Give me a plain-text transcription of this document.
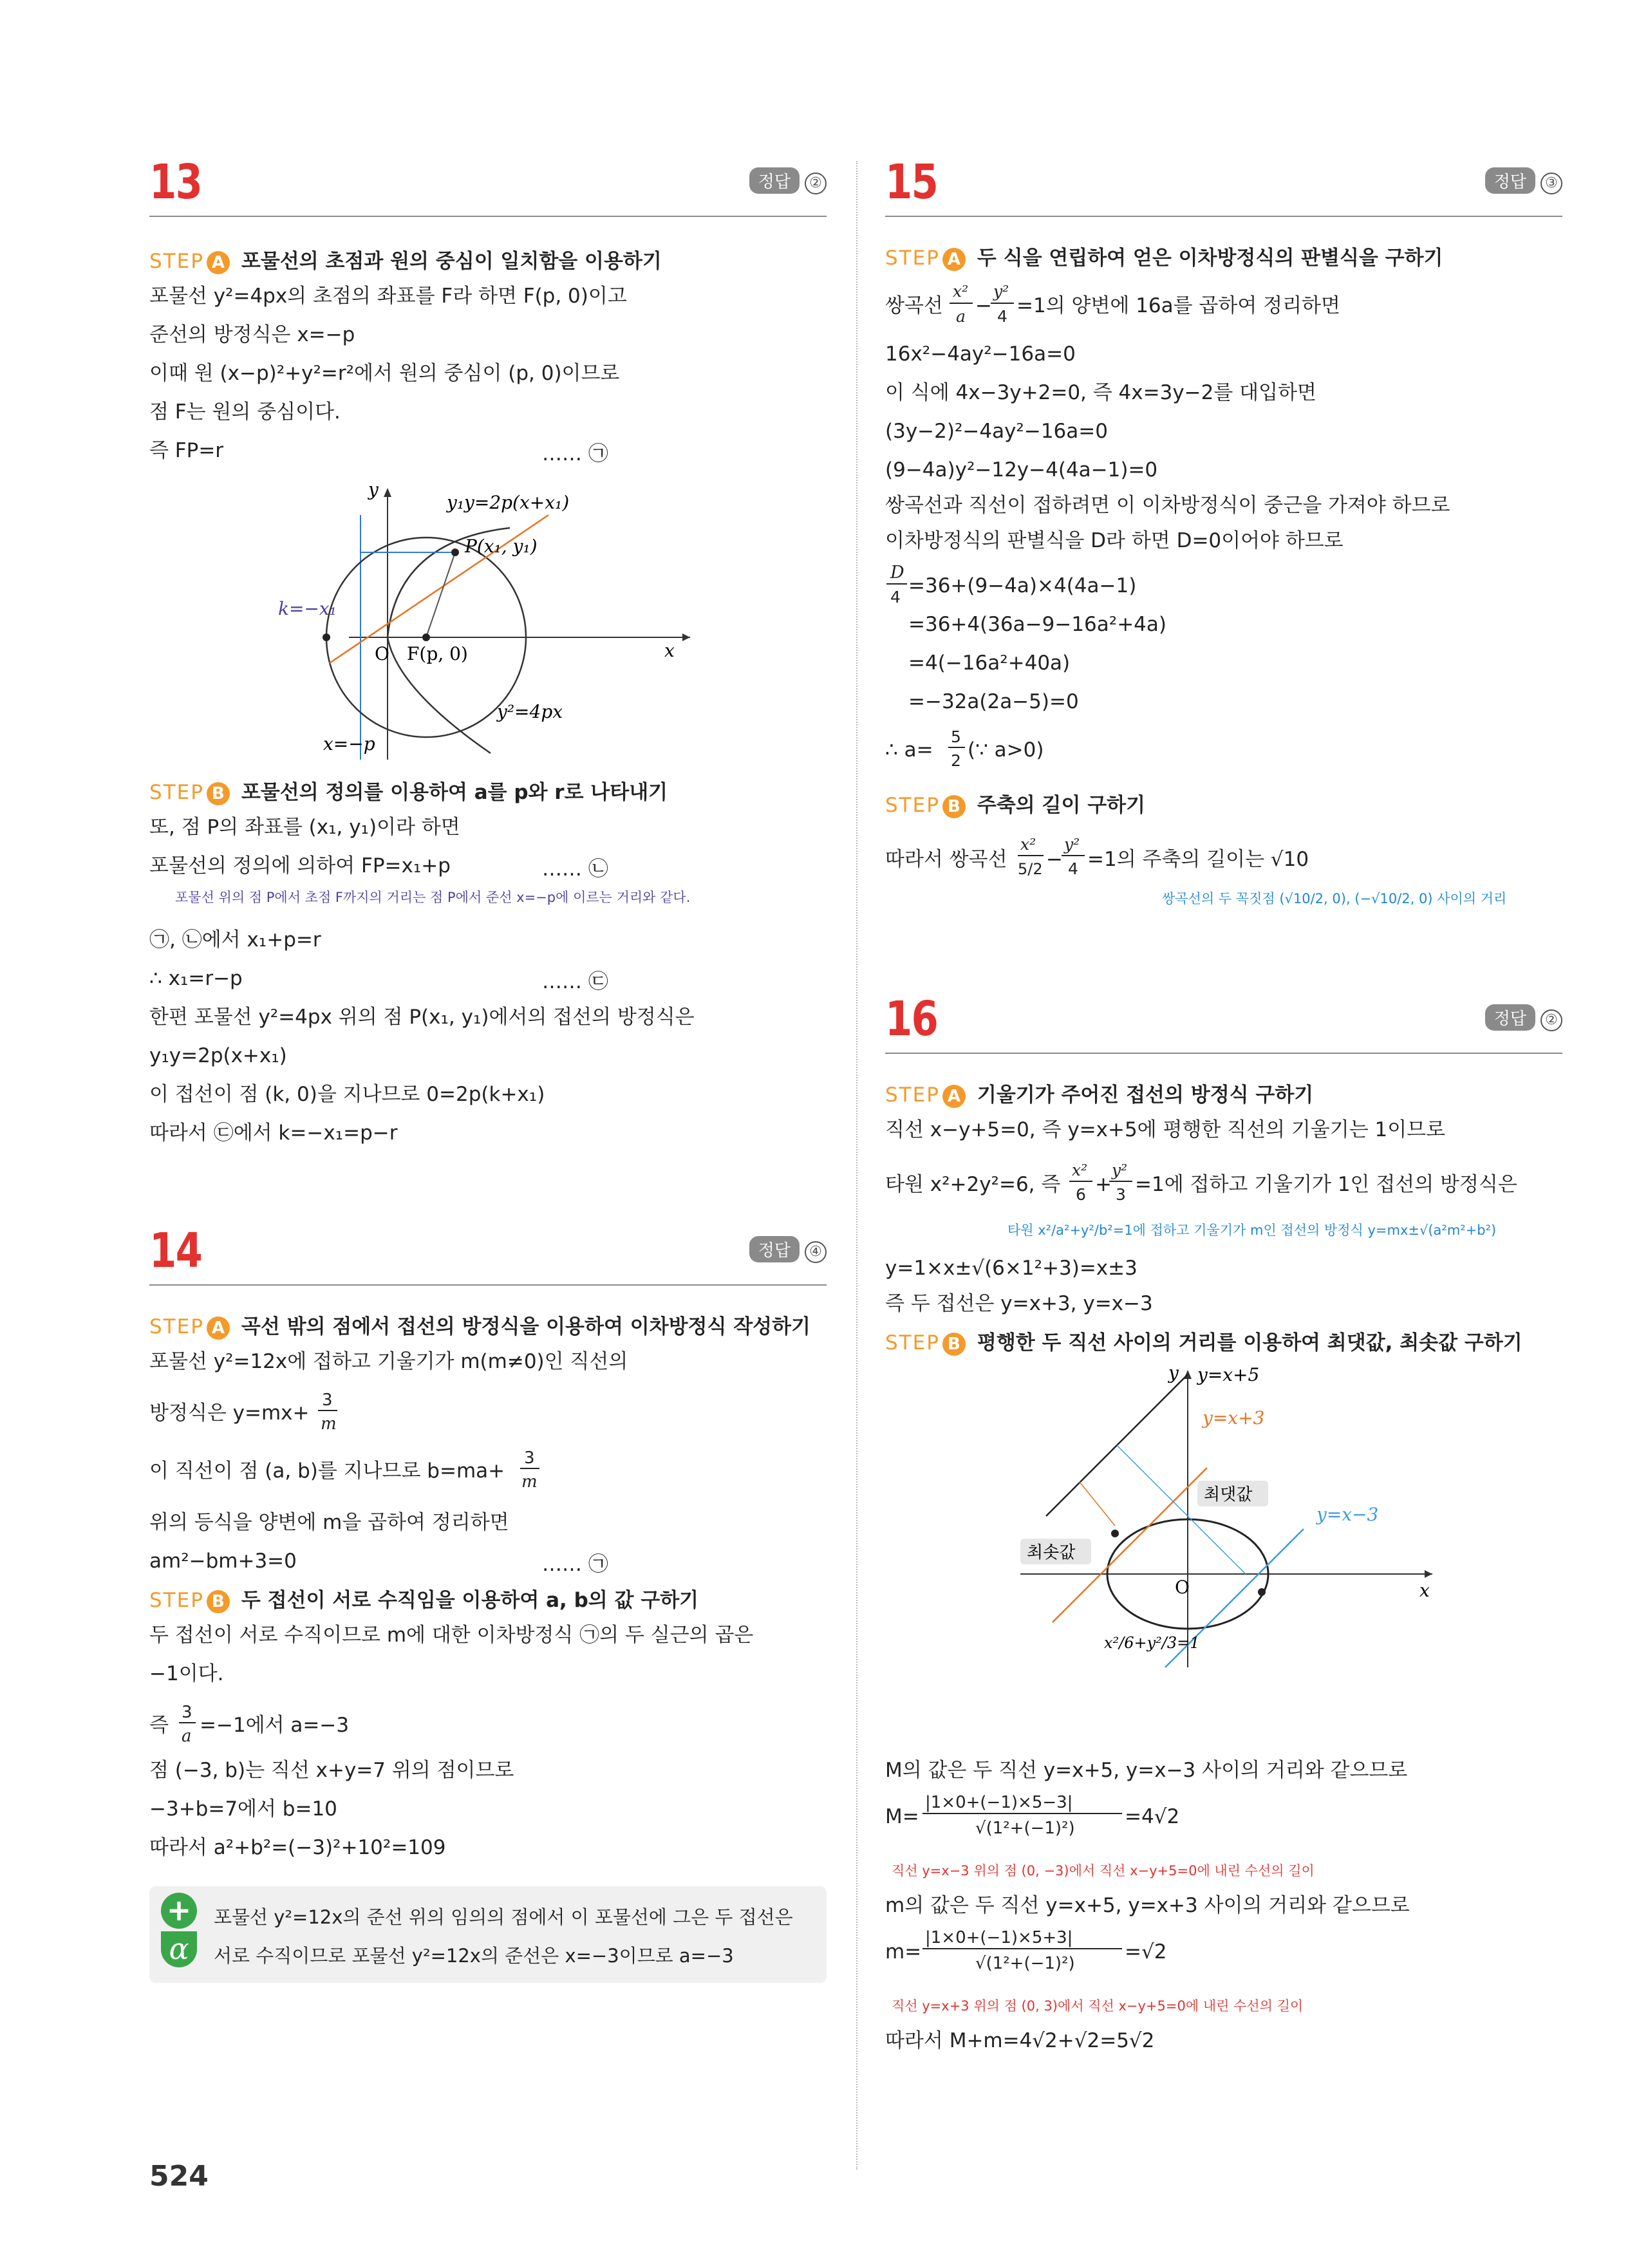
13	정답 ②
STEP A 포물선의 초점과 원의 중심이 일치함을 이용하기
포물선 y²=4px의 초점의 좌표를 F라 하면 F(p, 0)이고
준선의 방정식은 x=−p
이때 원 (x−p)²+y²=r²에서 원의 중심이 (p, 0)이므로
점 F는 원의 중심이다.
즉 FP=r	…… ㉠
y₁y=2p(x+x₁)
P(x₁, y₁)
k=−x₁
O F(p, 0)	x
y
y²=4px
x=−p
STEP B 포물선의 정의를 이용하여 a를 p와 r로 나타내기
또, 점 P의 좌표를 (x₁, y₁)이라 하면
포물선의 정의에 의하여 FP=x₁+p	…… ㉡
포물선 위의 점 P에서 초점 F까지의 거리는 점 P에서 준선 x=−p에 이르는 거리와 같다.
㉠, ㉡에서 x₁+p=r
∴ x₁=r−p	…… ㉢
한편 포물선 y²=4px 위의 점 P(x₁, y₁)에서의 접선의 방정식은
y₁y=2p(x+x₁)
이 접선이 점 (k, 0)을 지나므로 0=2p(k+x₁)
따라서 ㉢에서 k=−x₁=p−r
14	정답 ④
STEP A 곡선 밖의 점에서 접선의 방정식을 이용하여 이차방정식 작성하기
포물선 y²=12x에 접하고 기울기가 m(m≠0)인 직선의
방정식은 y=mx+
3
m
이 직선이 점 (a, b)를 지나므로 b=ma+
3
m
위의 등식을 양변에 m을 곱하여 정리하면
am²−bm+3=0	…… ㉠
STEP B 두 접선이 서로 수직임을 이용하여 a, b의 값 구하기
두 접선이 서로 수직이므로 m에 대한 이차방정식 ㉠의 두 실근의 곱은
−1이다.
즉
3
a =−1에서 a=−3
점 (−3, b)는 직선 x+y=7 위의 점이므로
−3+b=7에서 b=10
따라서 a²+b²=(−3)²+10²=109
+
α
포물선 y²=12x의 준선 위의 임의의 점에서 이 포물선에 그은 두 접선은
서로 수직이므로 포물선 y²=12x의 준선은 x=−3이므로 a=−3
524
15	정답 ③
STEP A 두 식을 연립하여 얻은 이차방정식의 판별식을 구하기
쌍곡선
x²
a −
y²
4 =1의 양변에 16a를 곱하여 정리하면
16x²−4ay²−16a=0
이 식에 4x−3y+2=0, 즉 4x=3y−2를 대입하면
(3y−2)²−4ay²−16a=0
(9−4a)y²−12y−4(4a−1)=0
쌍곡선과 직선이 접하려면 이 이차방정식이 중근을 가져야 하므로
이차방정식의 판별식을 D라 하면 D=0이어야 하므로
D
4 =36+(9−4a)×4(4a−1)
=36+4(36a−9−16a²+4a)
=4(−16a²+40a)
=−32a(2a−5)=0
∴ a=
5
2 (∵ a>0)
STEP B 주축의 길이 구하기
따라서 쌍곡선
x²
5/2 −
y²
4 =1의 주축의 길이는 √10
쌍곡선의 두 꼭짓점 (√10/2, 0), (−√10/2, 0) 사이의 거리
16	정답 ②
STEP A 기울기가 주어진 접선의 방정식 구하기
직선 x−y+5=0, 즉 y=x+5에 평행한 직선의 기울기는 1이므로
타원 x²+2y²=6, 즉
x²
6 +
y²
3 =1에 접하고 기울기가 1인 접선의 방정식은
타원 x²/a²+y²/b²=1에 접하고 기울기가 m인 접선의 방정식 y=mx±√(a²m²+b²)
y=1×x±√(6×1²+3)=x±3
즉 두 접선은 y=x+3, y=x−3
STEP B 평행한 두 직선 사이의 거리를 이용하여 최댓값, 최솟값 구하기
y=x+5
y=x+3
y=x−3
최댓값
최솟값
O	x
y
x²/6+y²/3=1
M의 값은 두 직선 y=x+5, y=x−3 사이의 거리와 같으므로
M=
|1×0+(−1)×5−3|
√(1²+(−1)²) =4√2
직선 y=x−3 위의 점 (0, −3)에서 직선 x−y+5=0에 내린 수선의 길이
m의 값은 두 직선 y=x+5, y=x+3 사이의 거리와 같으므로
m=
|1×0+(−1)×5+3|
√(1²+(−1)²) =√2
직선 y=x+3 위의 점 (0, 3)에서 직선 x−y+5=0에 내린 수선의 길이
따라서 M+m=4√2+√2=5√2
